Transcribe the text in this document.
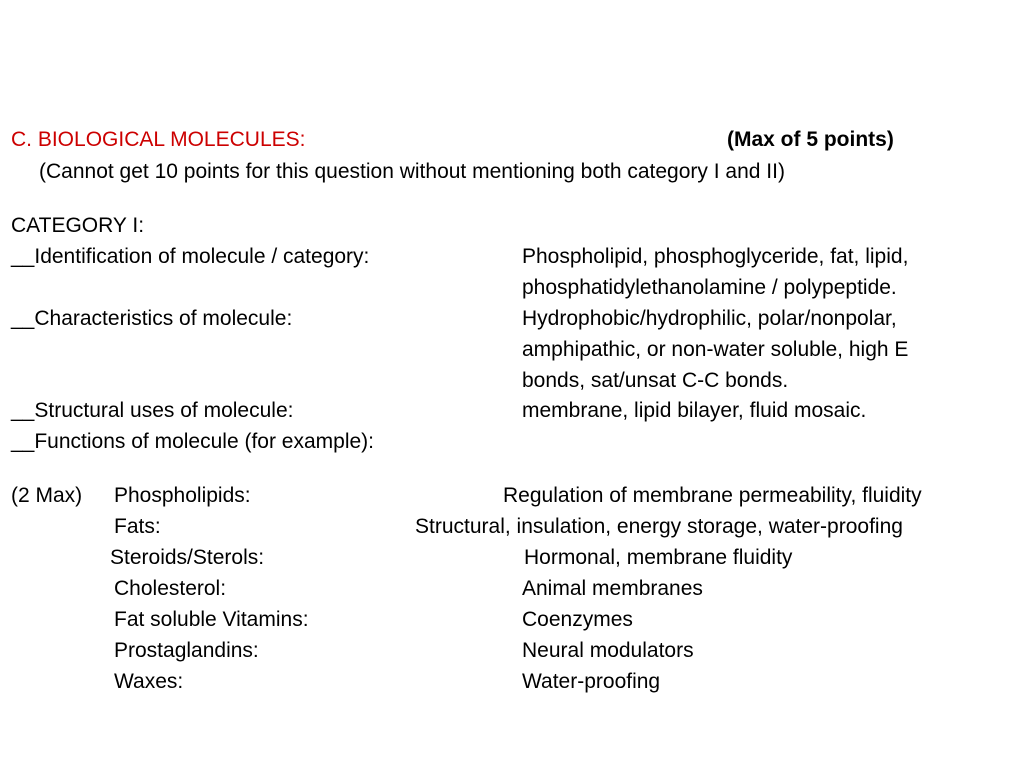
C. BIOLOGICAL MOLECULES:	(Max of 5 points)

(Cannot get 10 points for this question without mentioning both category I and II)

CATEGORY I:

__Identification of molecule / category:	Phospholipid, phosphoglyceride, fat, lipid,

phosphatidylethanolamine / polypeptide.

__Characteristics of molecule:	Hydrophobic/hydrophilic, polar/nonpolar,

amphipathic, or non-water soluble, high E

bonds, sat/unsat C-C bonds.

__Structural uses of molecule:	membrane, lipid bilayer, fluid mosaic.

__Functions of molecule (for example):

(2 Max) Phospholipids:	Regulation of membrane permeability, fluidity

Fats:	Structural, insulation, energy storage, water-proofing

Steroids/Sterols:	Hormonal, membrane fluidity

Cholesterol:	Animal membranes

Fat soluble Vitamins:	Coenzymes

Prostaglandins:	Neural modulators

Waxes:	Water-proofing
